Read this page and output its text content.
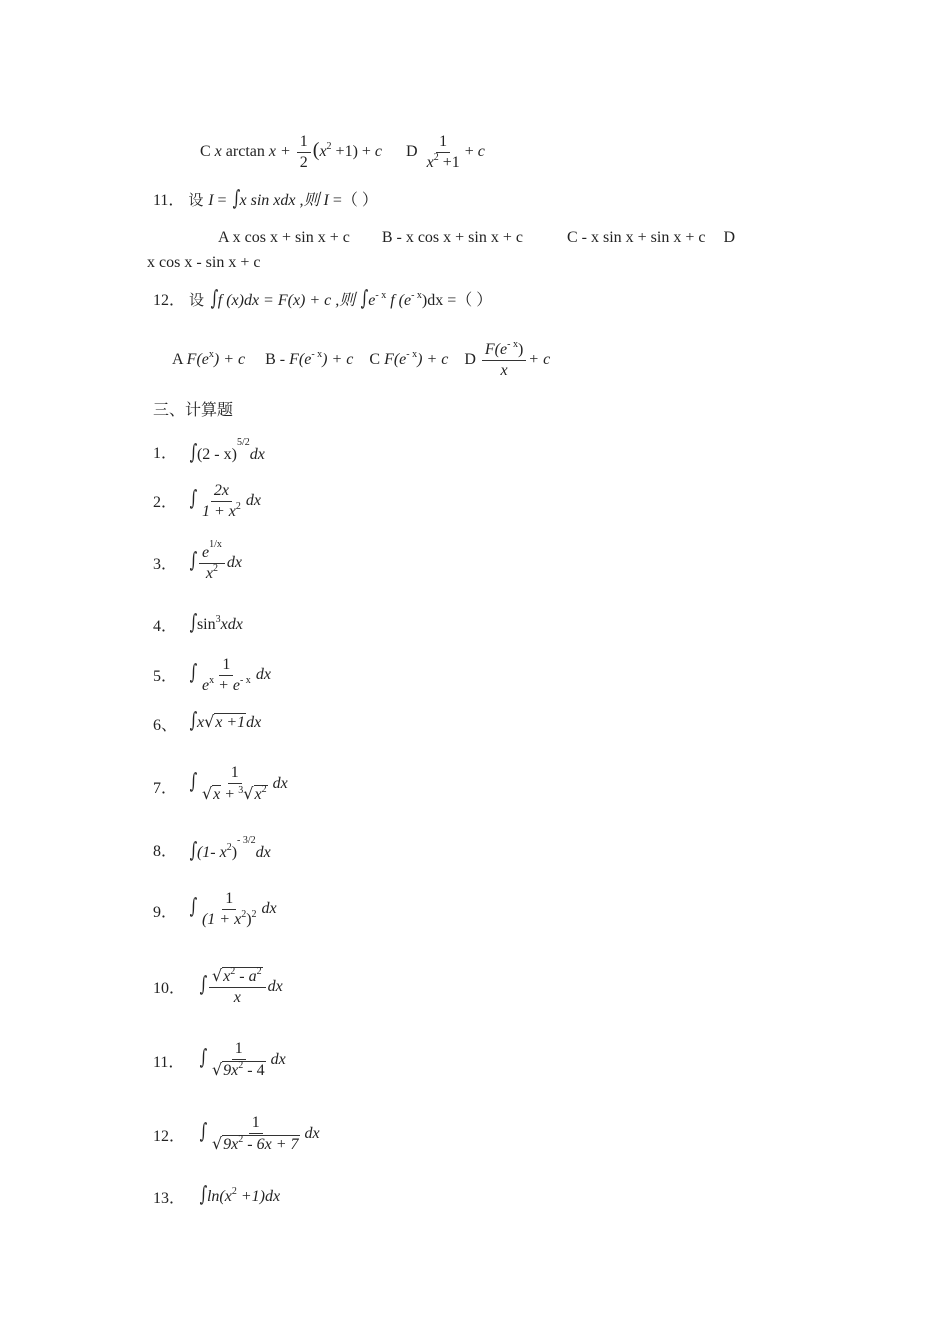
C x $\arctan x + \frac{1}{2} (x^2 +1) + c$ D $\frac{1}{x^2 +1} + c$
11． 设 I = ∫x sin xdx ,则 I =（ ）
A x cos x + sin x + c B - x cos x + sin x + c	C - x sin x + sin x + c D
x cos x - sin x + c
12． 设 ∫f (x)dx = F(x) + c ,则 $\int e^{- x}$ f $(e^{- x})dx$ =（ ）
A $F(e^x) + c$ $B - F(e^{- x}) + c$ C $F(e^{- x}) + c$ D $\frac{F(e^{- x})}{x} + c$
三、计算题
1．
2．
3．
4．
5．
6、
7．
8．
9．
10．
11．
12．
13．
∫(2 - x)$^{5/2}$dx
∫ $\frac{2x}{1 + x^2}$ dx
∫ $\frac{e^{1/x}}{x^2}$ dx
$\int\sin^3xdx$
∫ $\frac{1}{e^x + e^{- x}}$ dx
∫x√x +1dx
∫ $\frac{1}{√x + ^3√x^2}$ dx
∫(1- $x^2)^{- 3/2}dx$
∫ $\frac{1}{(1 + x^2)^2}$ dx
∫ $\frac{√x^2 - a^2}{x}$ dx
∫ $\frac{1}{√9x^2 - 4}$ dx
∫ $\frac{1}{√9x^2 - 6x + 7}$ dx
$\int\ln(x^2 +1)dx$
